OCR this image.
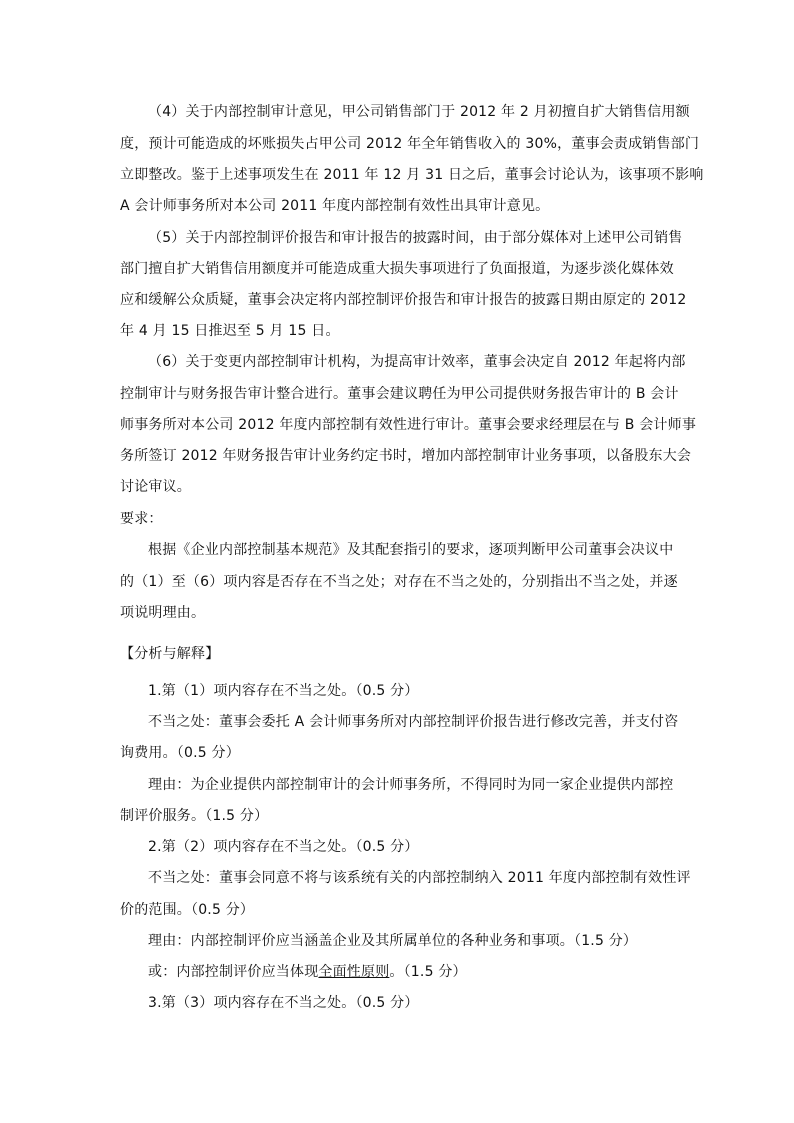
（4）关于内部控制审计意见，甲公司销售部门于 2012 年 2 月初擅自扩大销售信用额
度，预计可能造成的坏账损失占甲公司 2012 年全年销售收入的 30%，董事会责成销售部门
立即整改。鉴于上述事项发生在 2011 年 12 月 31 日之后，董事会讨论认为，该事项不影响
A 会计师事务所对本公司 2011 年度内部控制有效性出具审计意见。
（5）关于内部控制评价报告和审计报告的披露时间，由于部分媒体对上述甲公司销售
部门擅自扩大销售信用额度并可能造成重大损失事项进行了负面报道，为逐步淡化媒体效
应和缓解公众质疑，董事会决定将内部控制评价报告和审计报告的披露日期由原定的 2012
年 4 月 15 日推迟至 5 月 15 日。
（6）关于变更内部控制审计机构，为提高审计效率，董事会决定自 2012 年起将内部
控制审计与财务报告审计整合进行。董事会建议聘任为甲公司提供财务报告审计的 B 会计
师事务所对本公司 2012 年度内部控制有效性进行审计。董事会要求经理层在与 B 会计师事
务所签订 2012 年财务报告审计业务约定书时，增加内部控制审计业务事项，以备股东大会
讨论审议。
要求：
根据《企业内部控制基本规范》及其配套指引的要求，逐项判断甲公司董事会决议中
的（1）至（6）项内容是否存在不当之处；对存在不当之处的，分别指出不当之处，并逐
项说明理由。
【分析与解释】
1.第（1）项内容存在不当之处。（0.5 分）
不当之处：董事会委托 A 会计师事务所对内部控制评价报告进行修改完善，并支付咨
询费用。（0.5 分）
理由：为企业提供内部控制审计的会计师事务所，不得同时为同一家企业提供内部控
制评价服务。（1.5 分）
2.第（2）项内容存在不当之处。（0.5 分）
不当之处：董事会同意不将与该系统有关的内部控制纳入 2011 年度内部控制有效性评
价的范围。（0.5 分）
理由：内部控制评价应当涵盖企业及其所属单位的各种业务和事项。（1.5 分）
或：内部控制评价应当体现全面性原则。（1.5 分）
3.第（3）项内容存在不当之处。（0.5 分）
